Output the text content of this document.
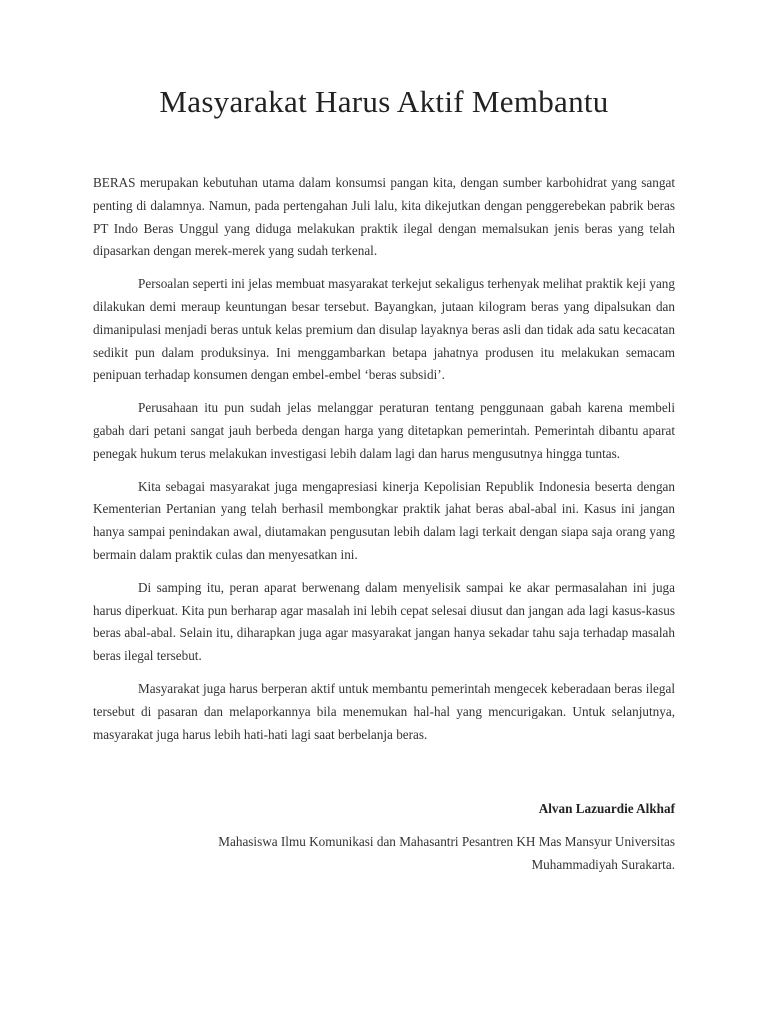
Masyarakat Harus Aktif Membantu

BERAS merupakan kebutuhan utama dalam konsumsi pangan kita, dengan sumber karbohidrat yang sangat penting di dalamnya. Namun, pada pertengahan Juli lalu, kita dikejutkan dengan penggerebekan pabrik beras PT Indo Beras Unggul yang diduga melakukan praktik ilegal dengan memalsukan jenis beras yang telah dipasarkan dengan merek-merek yang sudah terkenal.

Persoalan seperti ini jelas membuat masyarakat terkejut sekaligus terhenyak melihat praktik keji yang dilakukan demi meraup keuntungan besar tersebut. Bayangkan, jutaan kilogram beras yang dipalsukan dan dimanipulasi menjadi beras untuk kelas premium dan disulap layaknya beras asli dan tidak ada satu kecacatan sedikit pun dalam produksinya. Ini menggambarkan betapa jahatnya produsen itu melakukan semacam penipuan terhadap konsumen dengan embel-embel ‘beras subsidi’.

Perusahaan itu pun sudah jelas melanggar peraturan tentang penggunaan gabah karena membeli gabah dari petani sangat jauh berbeda dengan harga yang ditetapkan pemerintah. Pemerintah dibantu aparat penegak hukum terus melakukan investigasi lebih dalam lagi dan harus mengusutnya hingga tuntas.

Kita sebagai masyarakat juga mengapresiasi kinerja Kepolisian Republik Indonesia beserta dengan Kementerian Pertanian yang telah berhasil membongkar praktik jahat beras abal-abal ini. Kasus ini jangan hanya sampai penindakan awal, diutamakan pengusutan lebih dalam lagi terkait dengan siapa saja orang yang bermain dalam praktik culas dan menyesatkan ini.

Di samping itu, peran aparat berwenang dalam menyelisik sampai ke akar permasalahan ini juga harus diperkuat. Kita pun berharap agar masalah ini lebih cepat selesai diusut dan jangan ada lagi kasus-kasus beras abal-abal. Selain itu, diharapkan juga agar masyarakat jangan hanya sekadar tahu saja terhadap masalah beras ilegal tersebut.

Masyarakat juga harus berperan aktif untuk membantu pemerintah mengecek keberadaan beras ilegal tersebut di pasaran dan melaporkannya bila menemukan hal-hal yang mencurigakan. Untuk selanjutnya, masyarakat juga harus lebih hati-hati lagi saat berbelanja beras.

Alvan Lazuardie Alkhaf

Mahasiswa Ilmu Komunikasi dan Mahasantri Pesantren KH Mas Mansyur Universitas
Muhammadiyah Surakarta.
